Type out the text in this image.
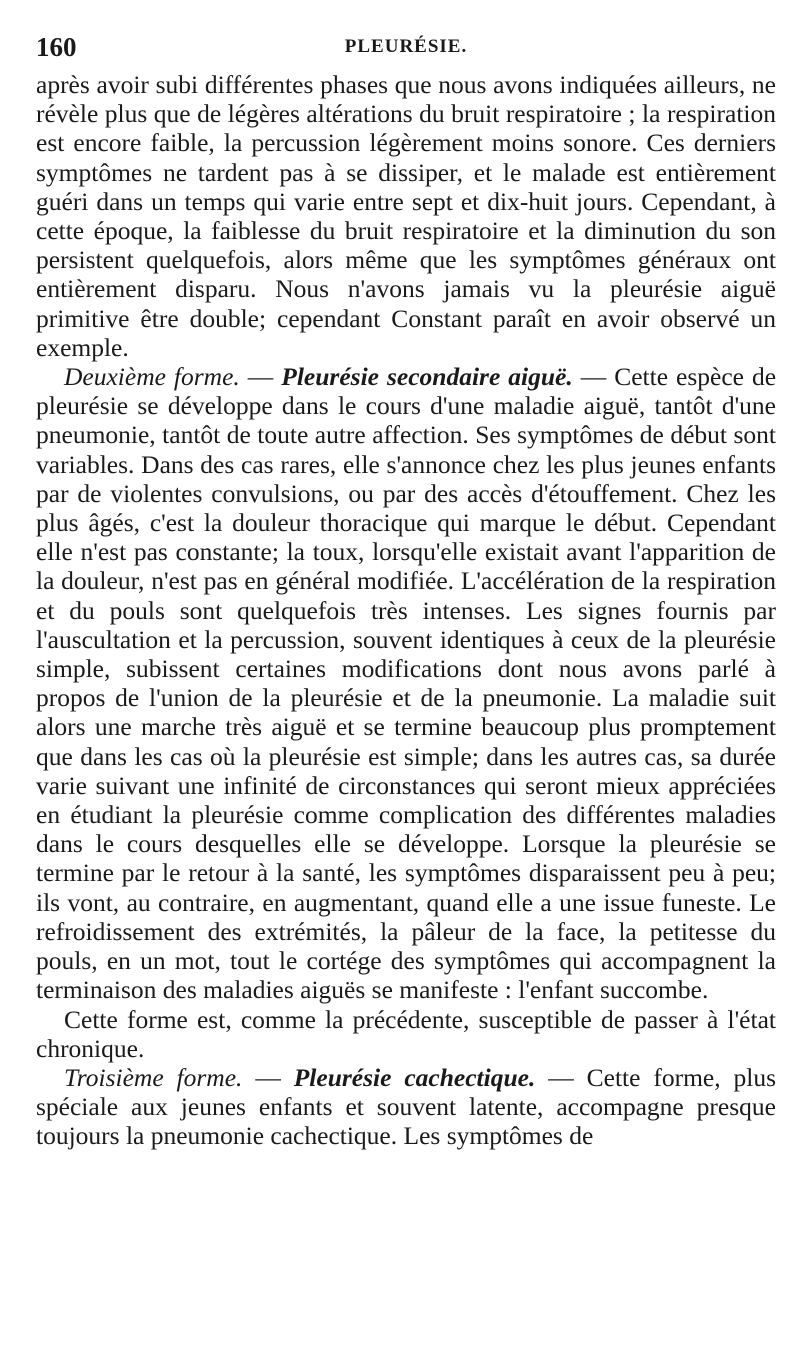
160	PLEURÉSIE.

après avoir subi différentes phases que nous avons indiquées ailleurs, ne révèle plus que de légères altérations du bruit respiratoire ; la respiration est encore faible, la percussion légèrement moins sonore. Ces derniers symptômes ne tardent pas à se dissiper, et le malade est entièrement guéri dans un temps qui varie entre sept et dix-huit jours. Cependant, à cette époque, la faiblesse du bruit respiratoire et la diminution du son persistent quelquefois, alors même que les symptômes généraux ont entièrement disparu. Nous n'avons jamais vu la pleurésie aiguë primitive être double; cependant Constant paraît en avoir observé un exemple.

Deuxième forme. — Pleurésie secondaire aiguë. — Cette espèce de pleurésie se développe dans le cours d'une maladie aiguë, tantôt d'une pneumonie, tantôt de toute autre affection. Ses symptômes de début sont variables. Dans des cas rares, elle s'annonce chez les plus jeunes enfants par de violentes convulsions, ou par des accès d'étouffement. Chez les plus âgés, c'est la douleur thoracique qui marque le début. Cependant elle n'est pas constante; la toux, lorsqu'elle existait avant l'apparition de la douleur, n'est pas en général modifiée. L'accélération de la respiration et du pouls sont quelquefois très intenses. Les signes fournis par l'auscultation et la percussion, souvent identiques à ceux de la pleurésie simple, subissent certaines modifications dont nous avons parlé à propos de l'union de la pleurésie et de la pneumonie. La maladie suit alors une marche très aiguë et se termine beaucoup plus promptement que dans les cas où la pleurésie est simple; dans les autres cas, sa durée varie suivant une infinité de circonstances qui seront mieux appréciées en étudiant la pleurésie comme complication des différentes maladies dans le cours desquelles elle se développe. Lorsque la pleurésie se termine par le retour à la santé, les symptômes disparaissent peu à peu; ils vont, au contraire, en augmentant, quand elle a une issue funeste. Le refroidissement des extrémités, la pâleur de la face, la petitesse du pouls, en un mot, tout le cortége des symptômes qui accompagnent la terminaison des maladies aiguës se manifeste : l'enfant succombe.

Cette forme est, comme la précédente, susceptible de passer à l'état chronique.

Troisième forme. — Pleurésie cachectique. — Cette forme, plus spéciale aux jeunes enfants et souvent latente, accompagne presque toujours la pneumonie cachectique. Les symptômes de
